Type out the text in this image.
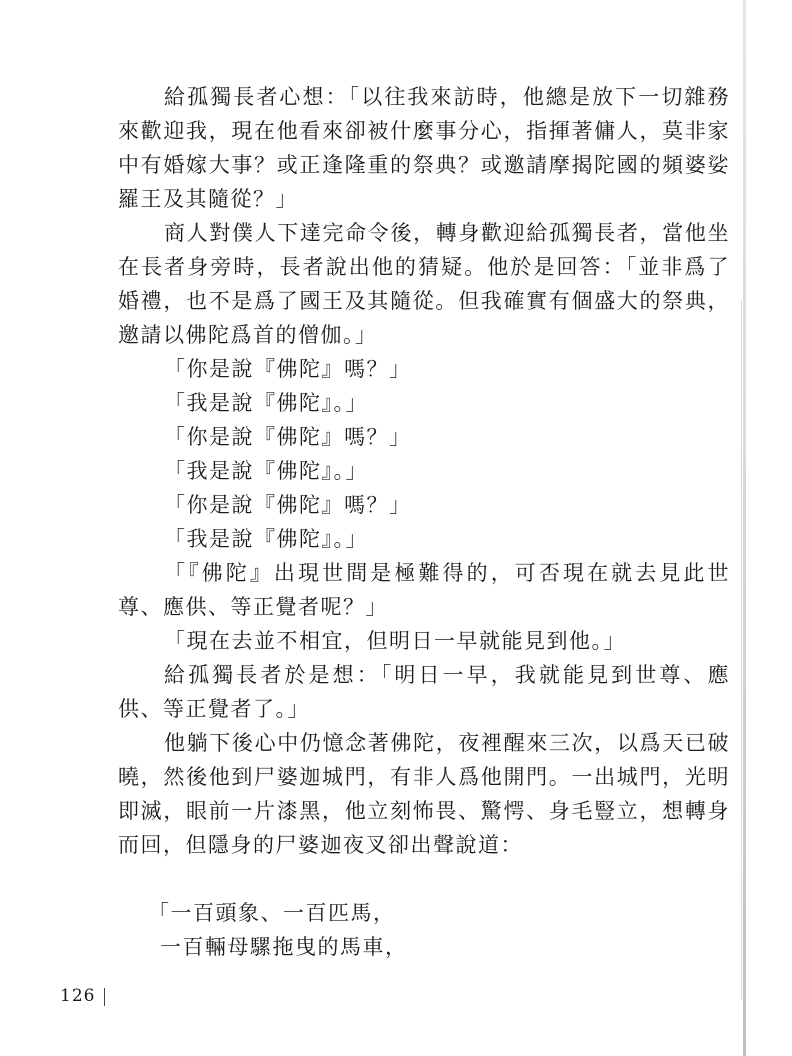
給孤獨長者心想：「以往我來訪時，他總是放下一切雜務來歡迎我，現在他看來卻被什麼事分心，指揮著傭人，莫非家中有婚嫁大事？或正逢隆重的祭典？或邀請摩揭陀國的頻婆娑羅王及其隨從？」

商人對僕人下達完命令後，轉身歡迎給孤獨長者，當他坐在長者身旁時，長者說出他的猜疑。他於是回答：「並非爲了婚禮，也不是爲了國王及其隨從。但我確實有個盛大的祭典，邀請以佛陀爲首的僧伽。」

「你是說『佛陀』嗎？」

「我是說『佛陀』。」

「你是說『佛陀』嗎？」

「我是說『佛陀』。」

「你是說『佛陀』嗎？」

「我是說『佛陀』。」

「『佛陀』出現世間是極難得的，可否現在就去見此世尊、應供、等正覺者呢？」

「現在去並不相宜，但明日一早就能見到他。」

給孤獨長者於是想：「明日一早，我就能見到世尊、應供、等正覺者了。」

他躺下後心中仍憶念著佛陀，夜裡醒來三次，以爲天已破曉，然後他到尸婆迦城門，有非人爲他開門。一出城門，光明即滅，眼前一片漆黑，他立刻怖畏、驚愕、身毛豎立，想轉身而回，但隱身的尸婆迦夜叉卻出聲說道：

「一百頭象、一百匹馬，

一百輛母騾拖曳的馬車，

126
